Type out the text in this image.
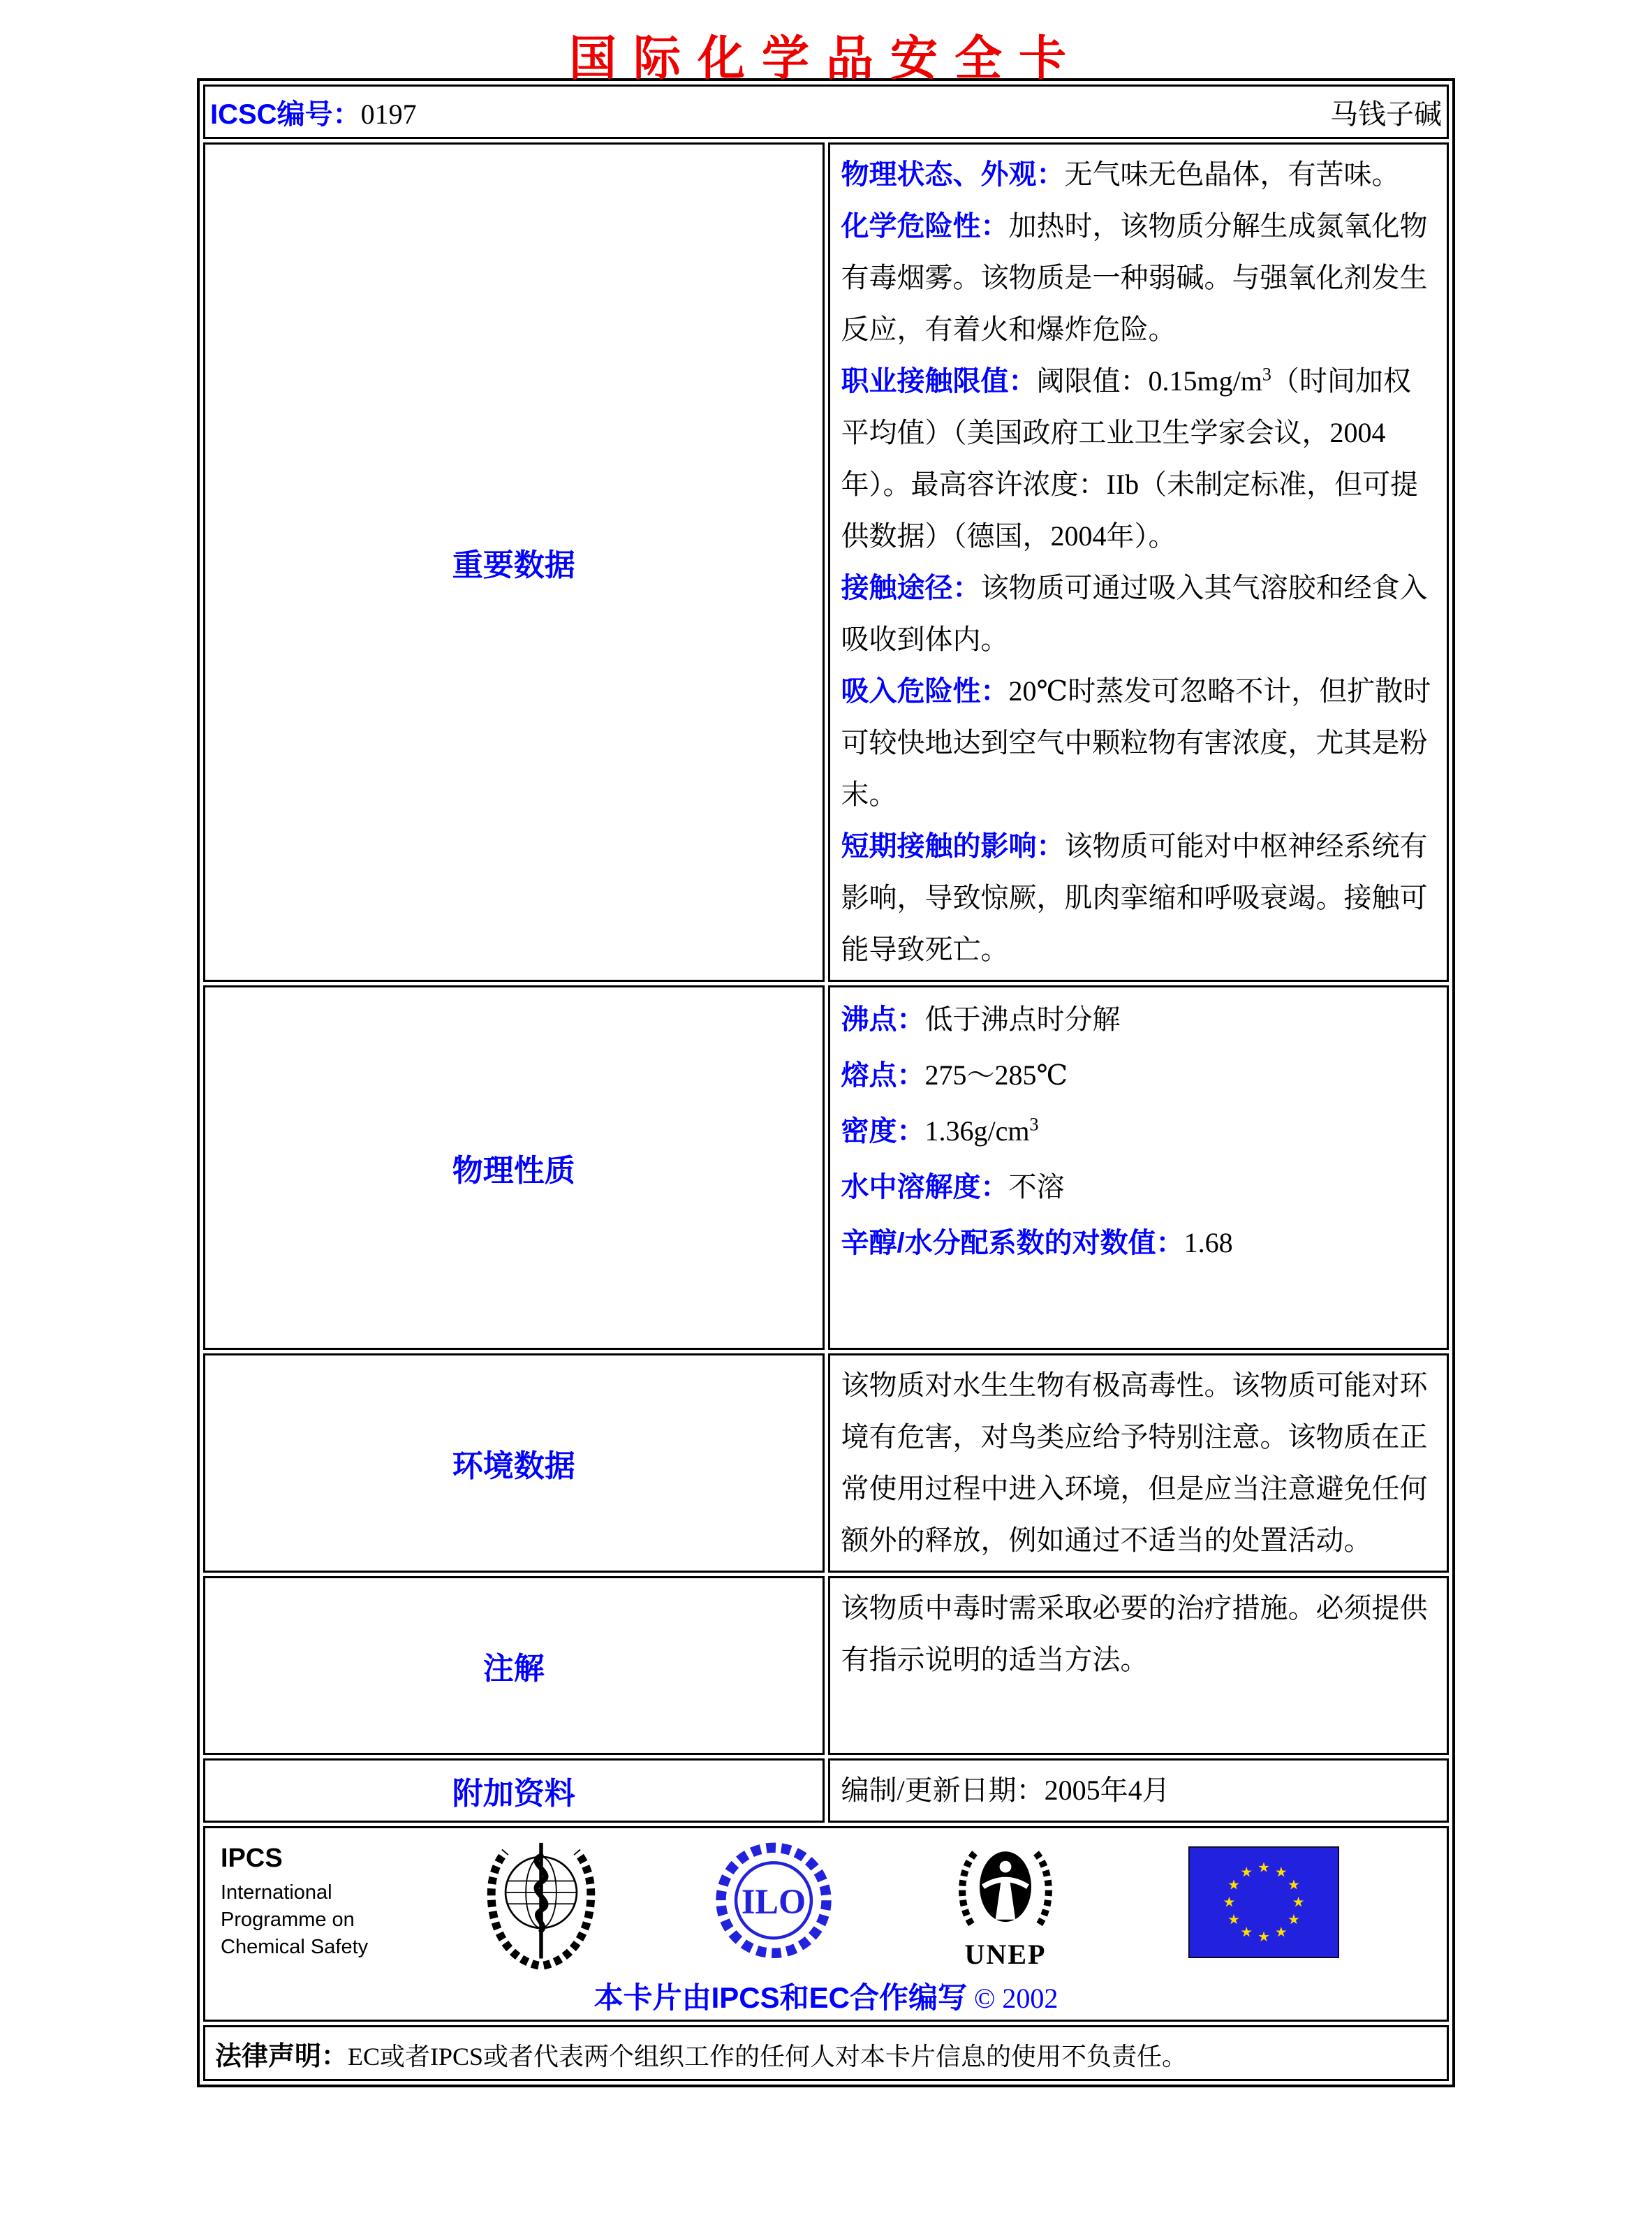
国际化学品安全卡
ICSC编号：0197 马钱子碱	

重要数据	
物理状态、外观：无气味无色晶体，有苦味。
化学危险性：加热时，该物质分解生成氮氧化物有毒烟雾。该物质是一种弱碱。与强氧化剂发生反应，有着火和爆炸危险。
职业接触限值：阈限值：$0.15mg/m^3$（时间加权平均值）（美国政府工业卫生学家会议，2004年）。最高容许浓度：IIb（未制定标准，但可提供数据）（德国，2004年）。
接触途径：该物质可通过吸入其气溶胶和经食入吸收到体内。
吸入危险性：20℃时蒸发可忽略不计，但扩散时可较快地达到空气中颗粒物有害浓度，尤其是粉末。
短期接触的影响：该物质可能对中枢神经系统有影响，导致惊厥，肌肉挛缩和呼吸衰竭。接触可能导致死亡。

物理性质	沸点：低于沸点时分解
熔点：275～285℃
密度：$1.36g/cm^3$
水中溶解度：不溶
辛醇/水分配系数的对数值：1.68

环境数据	该物质对水生生物有极高毒性。该物质可能对环境有危害，对鸟类应给予特别注意。该物质在正常使用过程中进入环境，但是应当注意避免任何额外的释放，例如通过不适当的处置活动。

注解	该物质中毒时需采取必要的治疗措施。必须提供有指示说明的适当方法。

附加资料	编制/更新日期：2005年4月

IPCS
International
Programme on
Chemical Safety
ILO
UNEP
本卡片由IPCS和EC合作编写 © 2002

法律声明：EC或者IPCS或者代表两个组织工作的任何人对本卡片信息的使用不负责任。	
